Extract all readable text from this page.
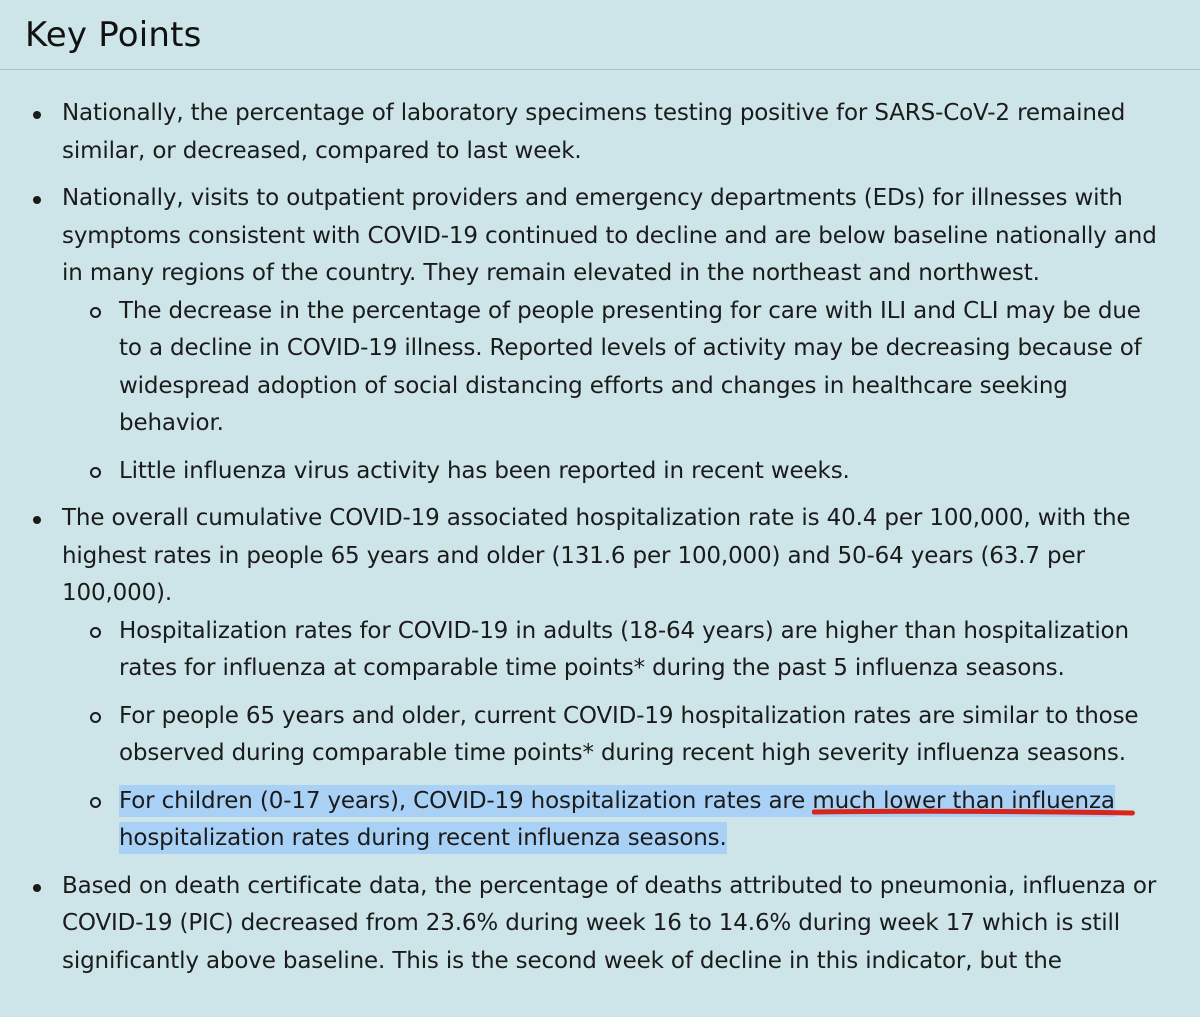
Key Points
Nationally, the percentage of laboratory specimens testing positive for SARS-CoV-2 remained similar, or decreased, compared to last week.
Nationally, visits to outpatient providers and emergency departments (EDs) for illnesses with symptoms consistent with COVID-19 continued to decline and are below baseline nationally and in many regions of the country. They remain elevated in the northeast and northwest.
The decrease in the percentage of people presenting for care with ILI and CLI may be due to a decline in COVID-19 illness. Reported levels of activity may be decreasing because of widespread adoption of social distancing efforts and changes in healthcare seeking behavior.
Little influenza virus activity has been reported in recent weeks.
The overall cumulative COVID-19 associated hospitalization rate is 40.4 per 100,000, with the highest rates in people 65 years and older (131.6 per 100,000) and 50-64 years (63.7 per 100,000).
Hospitalization rates for COVID-19 in adults (18-64 years) are higher than hospitalization rates for influenza at comparable time points* during the past 5 influenza seasons.
For people 65 years and older, current COVID-19 hospitalization rates are similar to those observed during comparable time points* during recent high severity influenza seasons.
For children (0-17 years), COVID-19 hospitalization rates are much lower than influenza hospitalization rates during recent influenza seasons.
Based on death certificate data, the percentage of deaths attributed to pneumonia, influenza or COVID-19 (PIC) decreased from 23.6% during week 16 to 14.6% during week 17 which is still significantly above baseline. This is the second week of decline in this indicator, but the
